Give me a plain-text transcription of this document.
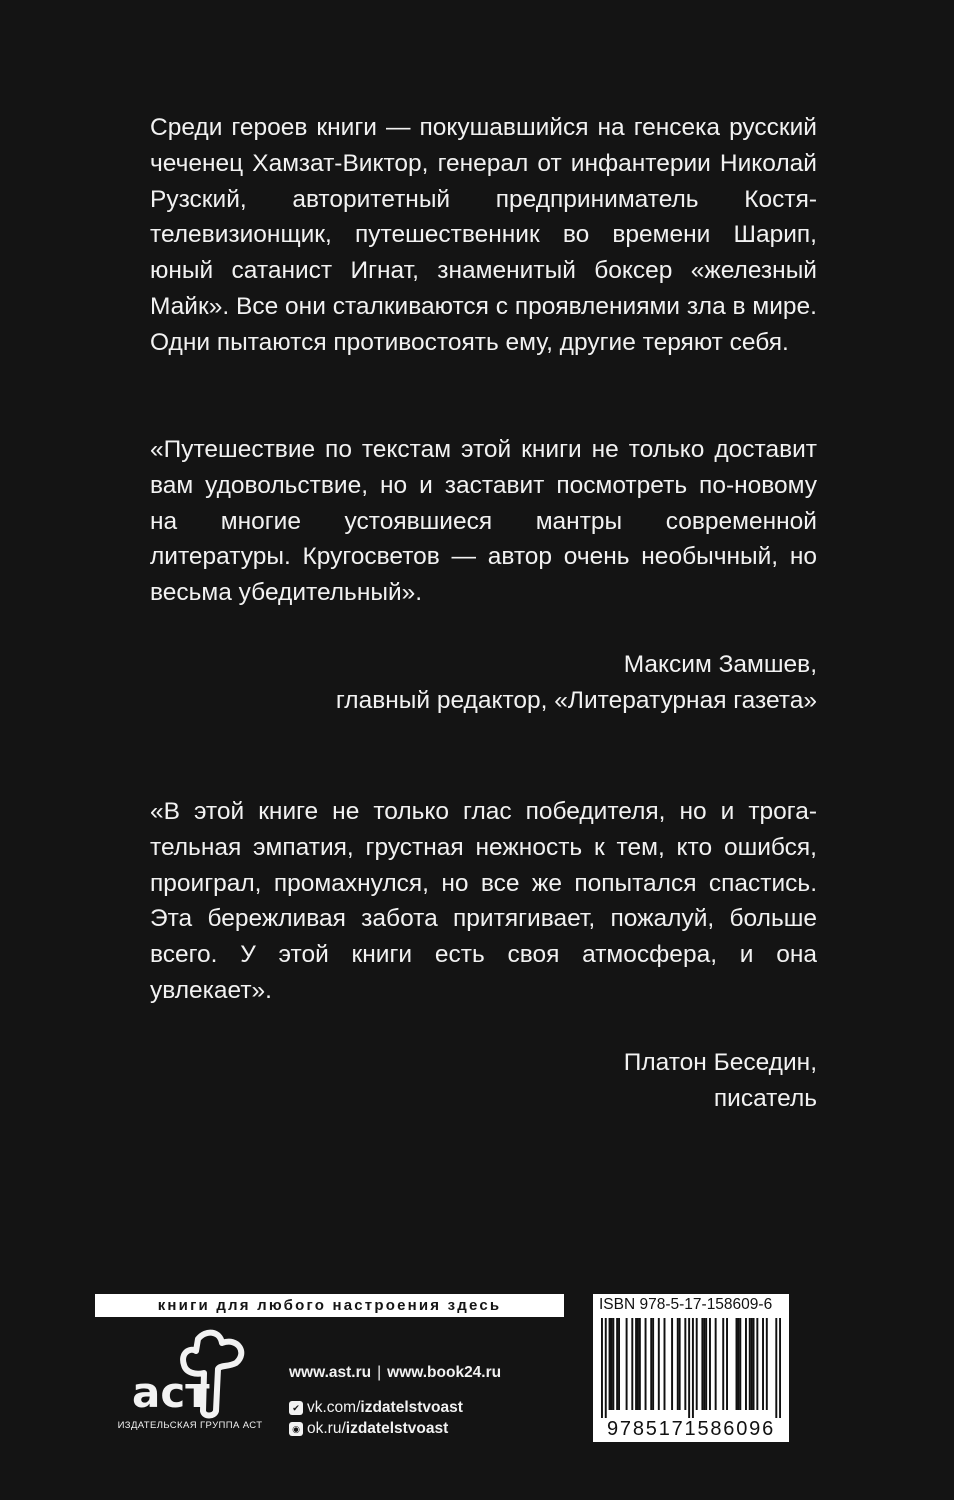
Среди героев книги — покушавшийся на генсека русский чеченец Хамзат-Виктор, генерал от инфантерии Николай Рузский, авторитетный предприниматель Костя-телевизионщик, путешественник во времени Шарип, юный сатанист Игнат, знаменитый боксер «железный Майк». Все они сталкиваются с проявлениями зла в мире. Одни пытаются противостоять ему, другие теряют себя.

«Путешествие по текстам этой книги не только доставит вам удовольствие, но и заставит посмотреть по-новому на многие устоявшиеся мантры современной литературы. Кругосветов — автор очень необычный, но весьма убедительный».

Максим Замшев,
главный редактор, «Литературная газета»

«В этой книге не только глас победителя, но и трогательная эмпатия, грустная нежность к тем, кто ошибся, проиграл, промахнулся, но все же попытался спастись. Эта бережливая забота притягивает, пожалуй, больше всего. У этой книги есть своя атмосфера, и она увлекает».

Платон Беседин,
писатель
книги для любого настроения здесь
аст
ИЗДАТЕЛЬСКАЯ ГРУППА АСТ
www.ast.ru | www.book24.ru
✔ vk.com/ izdatelstvoast
◉ ok.ru/ izdatelstvoast
ISBN 978-5-17-158609-6
9785171586096
